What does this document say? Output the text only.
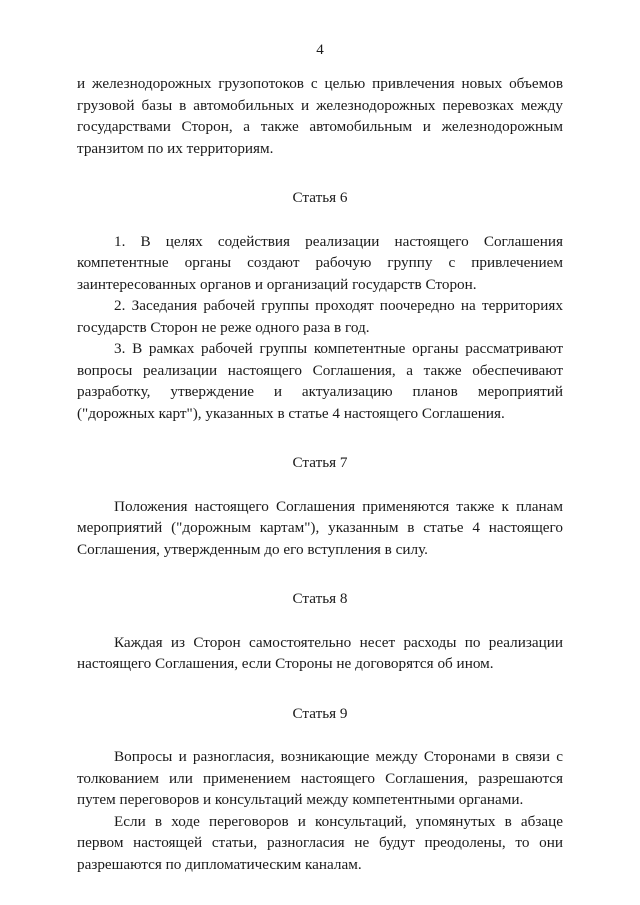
4

и железнодорожных грузопотоков с целью привлечения новых объемов грузовой базы в автомобильных и железнодорожных перевозках между государствами Сторон, а также автомобильным и железнодорожным транзитом по их территориям.

Статья 6

1. В целях содействия реализации настоящего Соглашения компетентные органы создают рабочую группу с привлечением заинтересованных органов и организаций государств Сторон.

2. Заседания рабочей группы проходят поочередно на территориях государств Сторон не реже одного раза в год.

3. В рамках рабочей группы компетентные органы рассматривают вопросы реализации настоящего Соглашения, а также обеспечивают разработку, утверждение и актуализацию планов мероприятий ("дорожных карт"), указанных в статье 4 настоящего Соглашения.

Статья 7

Положения настоящего Соглашения применяются также к планам мероприятий ("дорожным картам"), указанным в статье 4 настоящего Соглашения, утвержденным до его вступления в силу.

Статья 8

Каждая из Сторон самостоятельно несет расходы по реализации настоящего Соглашения, если Стороны не договорятся об ином.

Статья 9

Вопросы и разногласия, возникающие между Сторонами в связи с толкованием или применением настоящего Соглашения, разрешаются путем переговоров и консультаций между компетентными органами.

Если в ходе переговоров и консультаций, упомянутых в абзаце первом настоящей статьи, разногласия не будут преодолены, то они разрешаются по дипломатическим каналам.
